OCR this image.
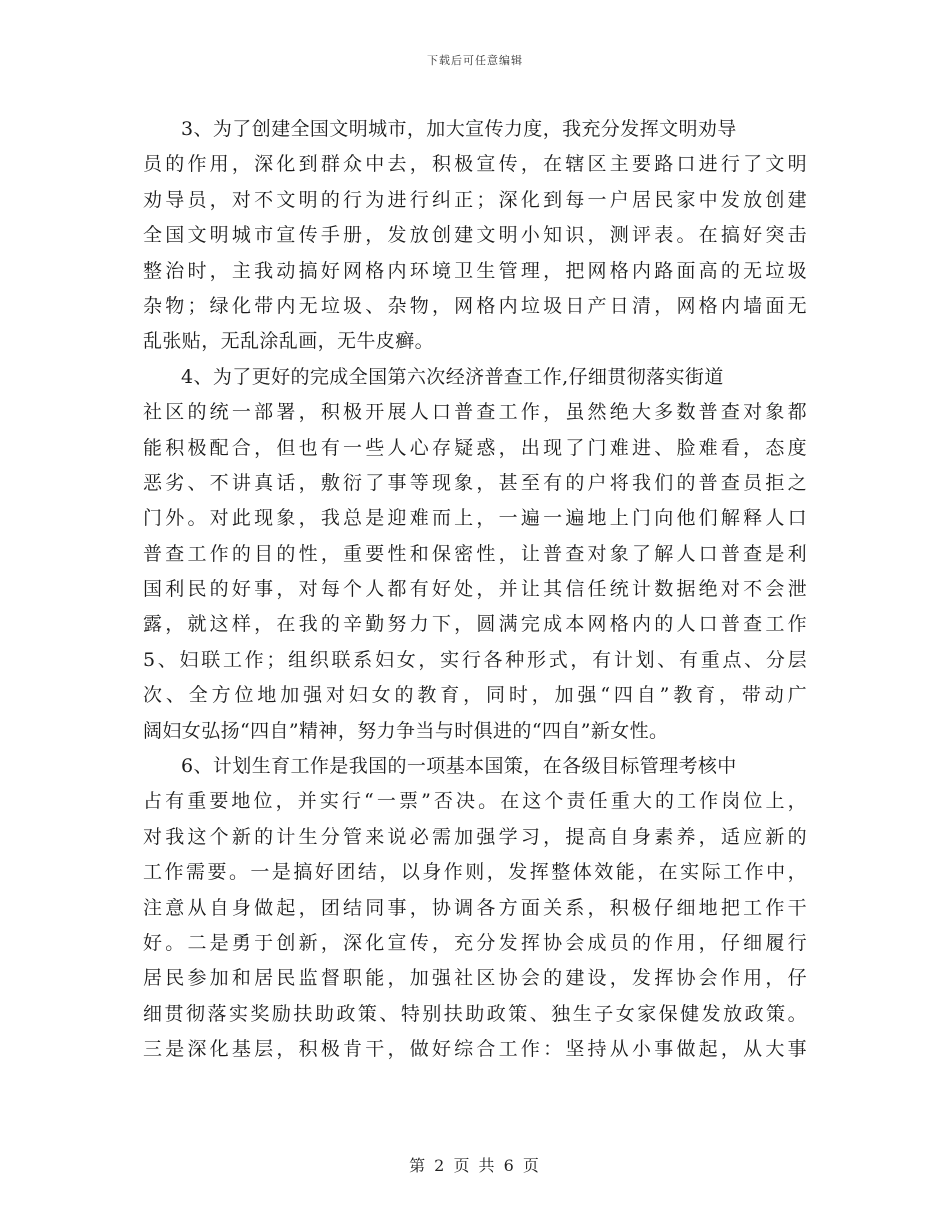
下载后可任意编辑
3、为了创建全国文明城市，加大宣传力度，我充分发挥文明劝导
员的作用，深化到群众中去，积极宣传，在辖区主要路口进行了文明
劝导员，对不文明的行为进行纠正；深化到每一户居民家中发放创建
全国文明城市宣传手册，发放创建文明小知识，测评表。在搞好突击
整治时，主我动搞好网格内环境卫生管理，把网格内路面高的无垃圾
杂物；绿化带内无垃圾、杂物，网格内垃圾日产日清，网格内墙面无
乱张贴，无乱涂乱画，无牛皮癣。
4、为了更好的完成全国第六次经济普查工作,仔细贯彻落实街道
社区的统一部署，积极开展人口普查工作，虽然绝大多数普查对象都
能积极配合，但也有一些人心存疑惑，出现了门难进、脸难看，态度
恶劣、不讲真话，敷衍了事等现象，甚至有的户将我们的普查员拒之
门外。对此现象，我总是迎难而上，一遍一遍地上门向他们解释人口
普查工作的目的性，重要性和保密性，让普查对象了解人口普查是利
国利民的好事，对每个人都有好处，并让其信任统计数据绝对不会泄
露，就这样，在我的辛勤努力下，圆满完成本网格内的人口普查工作
5、妇联工作；组织联系妇女，实行各种形式，有计划、有重点、分层
次、全方位地加强对妇女的教育，同时，加强“四自”教育，带动广
阔妇女弘扬“四自”精神，努力争当与时俱进的“四自”新女性。
6、计划生育工作是我国的一项基本国策，在各级目标管理考核中
占有重要地位，并实行“一票”否决。在这个责任重大的工作岗位上，
对我这个新的计生分管来说必需加强学习，提高自身素养，适应新的
工作需要。一是搞好团结，以身作则，发挥整体效能，在实际工作中，
注意从自身做起，团结同事，协调各方面关系，积极仔细地把工作干
好。二是勇于创新，深化宣传，充分发挥协会成员的作用，仔细履行
居民参加和居民监督职能，加强社区协会的建设，发挥协会作用，仔
细贯彻落实奖励扶助政策、特别扶助政策、独生子女家保健发放政策。
三是深化基层，积极肯干，做好综合工作：坚持从小事做起，从大事
第 2 页 共 6 页
